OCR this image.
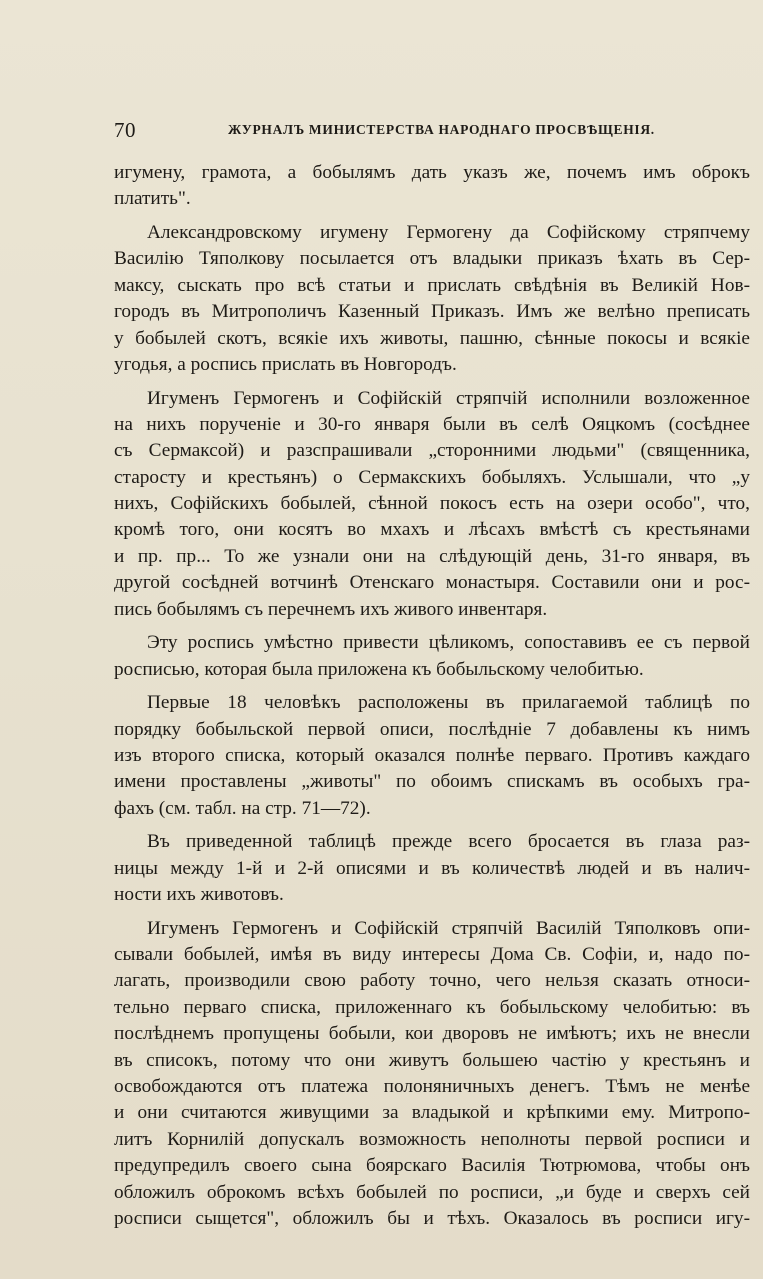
70	ЖУРНАЛЪ МИНИСТЕРСТВА НАРОДНАГО ПРОСВѢЩЕНІЯ.
игумену, грамота, а бобылямъ дать указъ же, почемъ имъ оброкъ
платить".
Александровскому игумену Гермогену да Софійскому стряпчему
Василію Тяполкову посылается отъ владыки приказъ ѣхать въ Сер-
максу, сыскать про всѣ статьи и прислать свѣдѣнія въ Великій Нов-
городъ въ Митрополичъ Казенный Приказъ. Имъ же велѣно преписать
у бобылей скотъ, всякіе ихъ животы, пашню, сѣнные покосы и всякіе
угодья, а роспись прислать въ Новгородъ.
Игуменъ Гермогенъ и Софійскій стряпчій исполнили возложенное
на нихъ порученіе и 30-го января были въ селѣ Ояцкомъ (сосѣднее
съ Сермаксой) и разспрашивали „сторонними людьми" (священника,
старосту и крестьянъ) о Сермакскихъ бобыляхъ. Услышали, что „у
нихъ, Софійскихъ бобылей, сѣнной покосъ есть на озери особо", что,
кромѣ того, они косятъ во мхахъ и лѣсахъ вмѣстѣ съ крестьянами
и пр. пр... То же узнали они на слѣдующій день, 31-го января, въ
другой сосѣдней вотчинѣ Отенскаго монастыря. Составили они и рос-
пись бобылямъ съ перечнемъ ихъ живого инвентаря.
Эту роспись умѣстно привести цѣликомъ, сопоставивъ ее съ первой
росписью, которая была приложена къ бобыльскому челобитью.
Первые 18 человѣкъ расположены въ прилагаемой таблицѣ по
порядку бобыльской первой описи, послѣдніе 7 добавлены къ нимъ
изъ второго списка, который оказался полнѣе перваго. Противъ каждаго
имени проставлены „животы" по обоимъ спискамъ въ особыхъ гра-
фахъ (см. табл. на стр. 71—72).
Въ приведенной таблицѣ прежде всего бросается въ глаза раз-
ницы между 1-й и 2-й описями и въ количествѣ людей и въ налич-
ности ихъ животовъ.
Игуменъ Гермогенъ и Софійскій стряпчій Василій Тяполковъ опи-
сывали бобылей, имѣя въ виду интересы Дома Св. Софіи, и, надо по-
лагать, производили свою работу точно, чего нельзя сказать относи-
тельно перваго списка, приложеннаго къ бобыльскому челобитью: въ
послѣднемъ пропущены бобыли, кои дворовъ не имѣютъ; ихъ не внесли
въ списокъ, потому что они живутъ большею частію у крестьянъ и
освобождаются отъ платежа полоняничныхъ денегъ. Тѣмъ не менѣе
и они считаются живущими за владыкой и крѣпкими ему. Митропо-
литъ Корнилій допускалъ возможность неполноты первой росписи и
предупредилъ своего сына боярскаго Василія Тютрюмова, чтобы онъ
обложилъ оброкомъ всѣхъ бобылей по росписи, „и буде и сверхъ сей
росписи сыщется", обложилъ бы и тѣхъ. Оказалось въ росписи игу-
